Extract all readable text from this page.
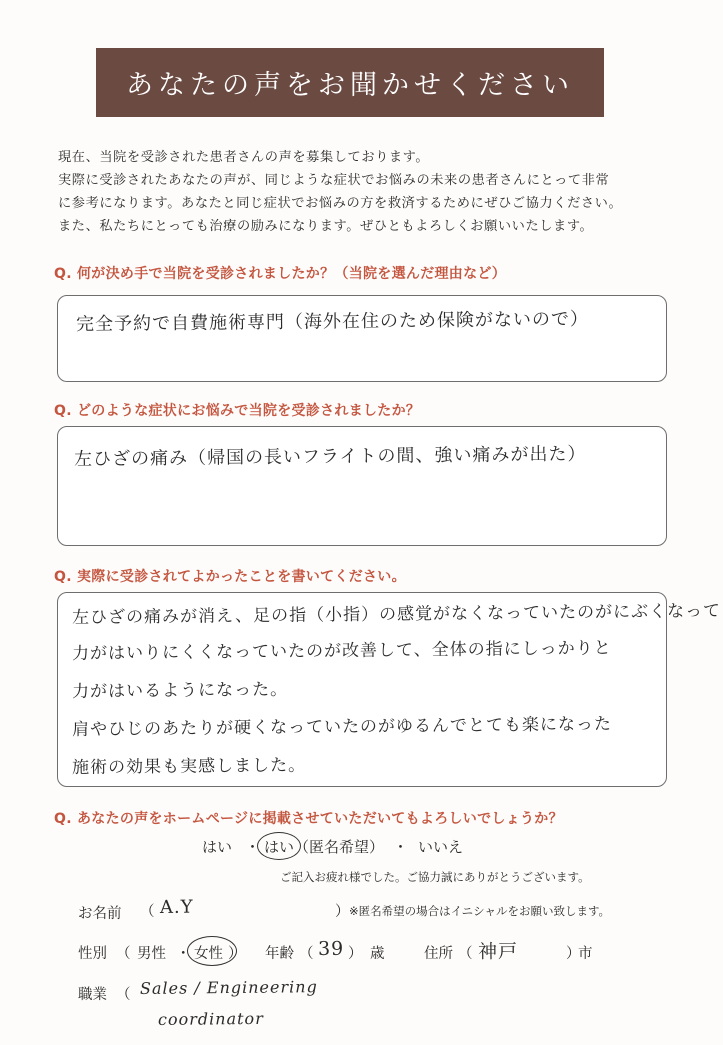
あなたの声をお聞かせください
現在、当院を受診された患者さんの声を募集しております。
実際に受診されたあなたの声が、同じような症状でお悩みの未来の患者さんにとって非常
に参考になります。あなたと同じ症状でお悩みの方を救済するためにぜひご協力ください。
また、私たちにとっても治療の励みになります。ぜひともよろしくお願いいたします。
Q. 何が決め手で当院を受診されましたか？（当院を選んだ理由など）
完全予約で自費施術専門（海外在住のため保険がないので）
Q. どのような症状にお悩みで当院を受診されましたか？
左ひざの痛み（帰国の長いフライトの間、強い痛みが出た）
Q. 実際に受診されてよかったことを書いてください。
左ひざの痛みが消え、足の指（小指）の感覚がなくなっていたのがにぶくなって
力がはいりにくくなっていたのが改善して、全体の指にしっかりと
力がはいるようになった。
肩やひじのあたりが硬くなっていたのがゆるんでとても楽になった
施術の効果も実感しました。
Q. あなたの声をホームページに掲載させていただいてもよろしいでしょうか？
はい ・ はい（匿名希望） ・ いいえ
ご記入お疲れ様でした。ご協力誠にありがとうございます。
お名前 （ A.Y	） ※匿名希望の場合はイニシャルをお願い致します。
性別 （ 男性 ・ 女性 ） 年齢 （ 39 ） 歳	住所 （ 神戸	）
市
職業 （ Sales / Engineering
coordinator
